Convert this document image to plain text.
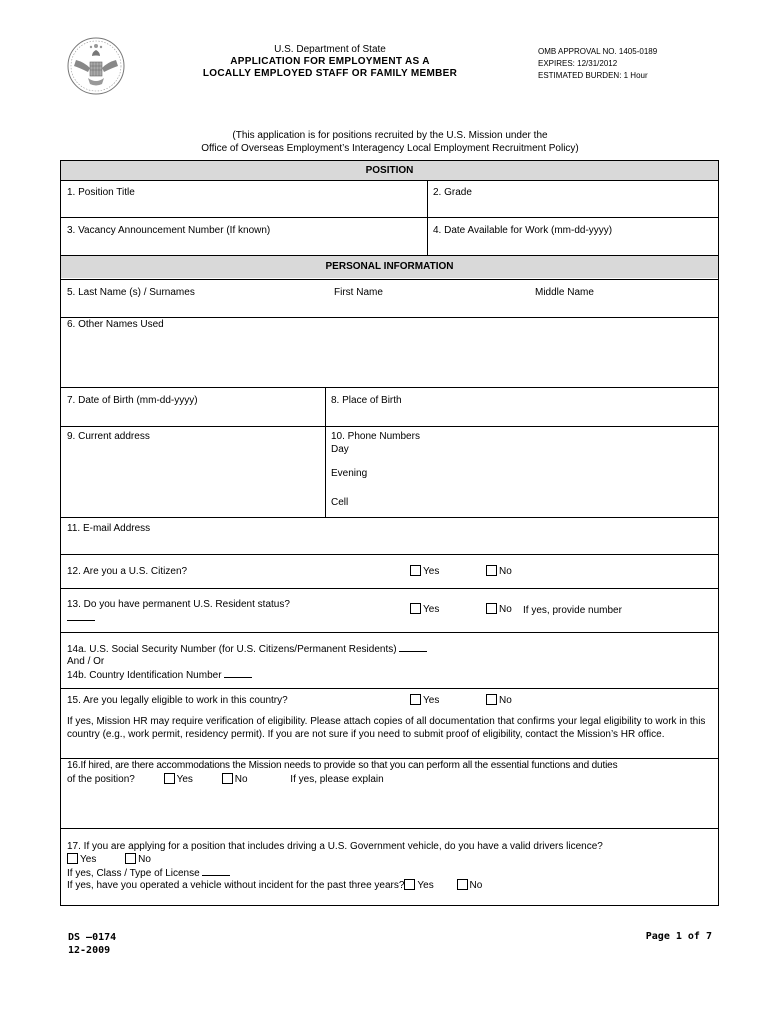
U.S. Department of State
APPLICATION FOR EMPLOYMENT AS A
LOCALLY EMPLOYED STAFF OR FAMILY MEMBER
OMB APPROVAL NO. 1405-0189
EXPIRES: 12/31/2012
ESTIMATED BURDEN: 1 Hour
(This application is for positions recruited by the U.S. Mission under the
Office of Overseas Employment’s Interagency Local Employment Recruitment Policy)
POSITION
1. Position Title	2. Grade
3. Vacancy Announcement Number (If known)	4. Date Available for Work (mm-dd-yyyy)
PERSONAL INFORMATION
5. Last Name (s) / Surnames	First Name	Middle Name
6. Other Names Used
7. Date of Birth (mm-dd-yyyy)	8. Place of Birth
9. Current address	10. Phone Numbers
Day
Evening
Cell
11. E-mail Address
12. Are you a U.S. Citizen?	Yes	No
13. Do you have permanent U.S. Resident status?	Yes	No If yes, provide number
14a. U.S. Social Security Number (for U.S. Citizens/Permanent Residents)
And / Or
14b. Country Identification Number
15. Are you legally eligible to work in this country?	Yes	No
If yes, Mission HR may require verification of eligibility. Please attach copies of all documentation that confirms your legal eligibility to work in this country (e.g., work permit, residency permit). If you are not sure if you need to submit proof of eligibility, contact the Mission’s HR office.
16.If hired, are there accommodations the Mission needs to provide so that you can perform all the essential functions and duties
of the position?	Yes	No	If yes, please explain
17. If you are applying for a position that includes driving a U.S. Government vehicle, do you have a valid drivers licence?
Yes	No
If yes, Class / Type of License
If yes, have you operated a vehicle without incident for the past three years? Yes	No
DS –0174
12-2009
Page 1 of 7
